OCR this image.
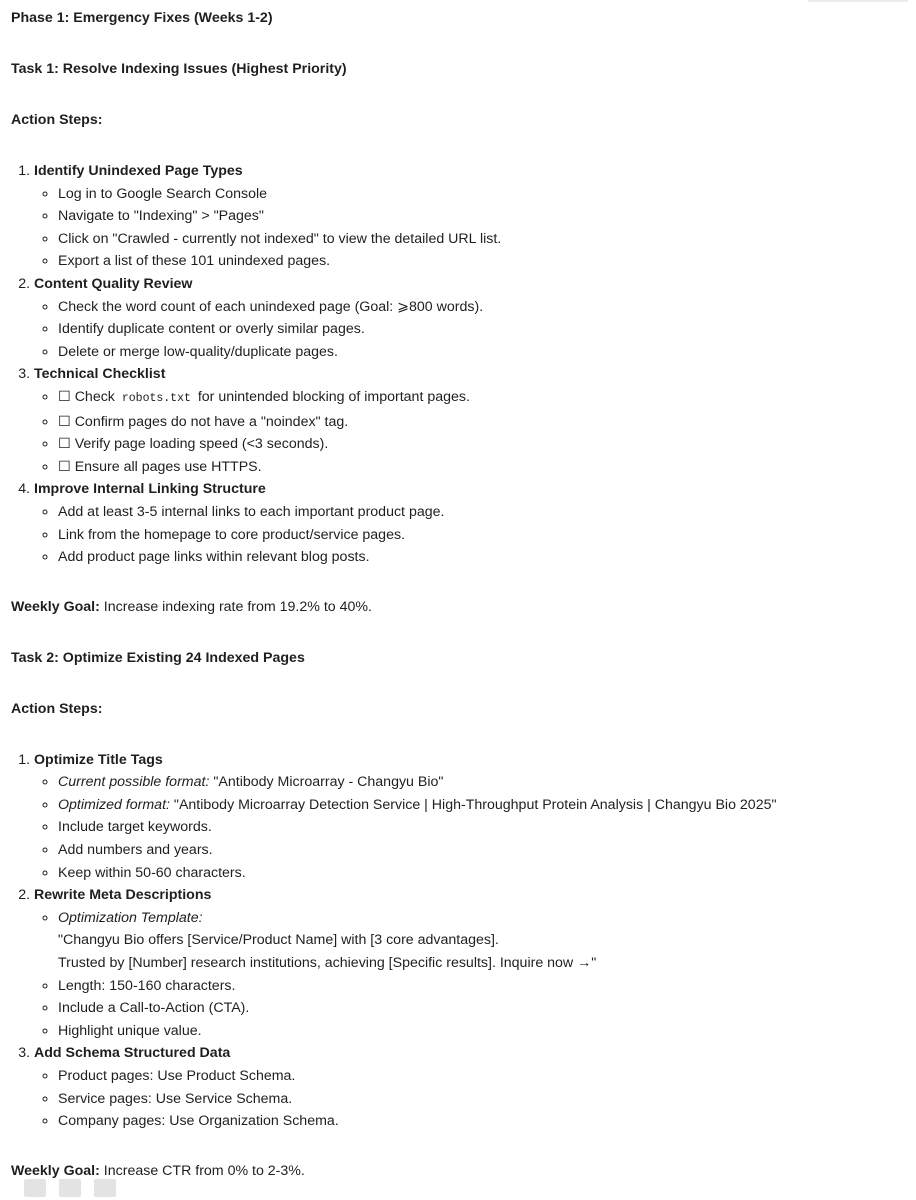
Phase 1: Emergency Fixes (Weeks 1-2)

Task 1: Resolve Indexing Issues (Highest Priority)

Action Steps:

1. Identify Unindexed Page Types
◦ Log in to Google Search Console
◦ Navigate to "Indexing" > "Pages"
◦ Click on "Crawled - currently not indexed" to view the detailed URL list.
◦ Export a list of these 101 unindexed pages.
2. Content Quality Review
◦ Check the word count of each unindexed page (Goal: ⩾800 words).
◦ Identify duplicate content or overly similar pages.
◦ Delete or merge low-quality/duplicate pages.
3. Technical Checklist
◦ ☐ Check robots.txt for unintended blocking of important pages.
◦ ☐ Confirm pages do not have a "noindex" tag.
◦ ☐ Verify page loading speed (<3 seconds).
◦ ☐ Ensure all pages use HTTPS.
4. Improve Internal Linking Structure
◦ Add at least 3-5 internal links to each important product page.
◦ Link from the homepage to core product/service pages.
◦ Add product page links within relevant blog posts.

Weekly Goal: Increase indexing rate from 19.2% to 40%.

Task 2: Optimize Existing 24 Indexed Pages

Action Steps:

1. Optimize Title Tags
◦ Current possible format: "Antibody Microarray - Changyu Bio"
◦ Optimized format: "Antibody Microarray Detection Service | High-Throughput Protein Analysis | Changyu Bio 2025"
◦ Include target keywords.
◦ Add numbers and years.
◦ Keep within 50-60 characters.
2. Rewrite Meta Descriptions
◦ Optimization Template:
"Changyu Bio offers [Service/Product Name] with [3 core advantages].
Trusted by [Number] research institutions, achieving [Specific results]. Inquire now →"
◦ Length: 150-160 characters.
◦ Include a Call-to-Action (CTA).
◦ Highlight unique value.
3. Add Schema Structured Data
◦ Product pages: Use Product Schema.
◦ Service pages: Use Service Schema.
◦ Company pages: Use Organization Schema.

Weekly Goal: Increase CTR from 0% to 2-3%.
